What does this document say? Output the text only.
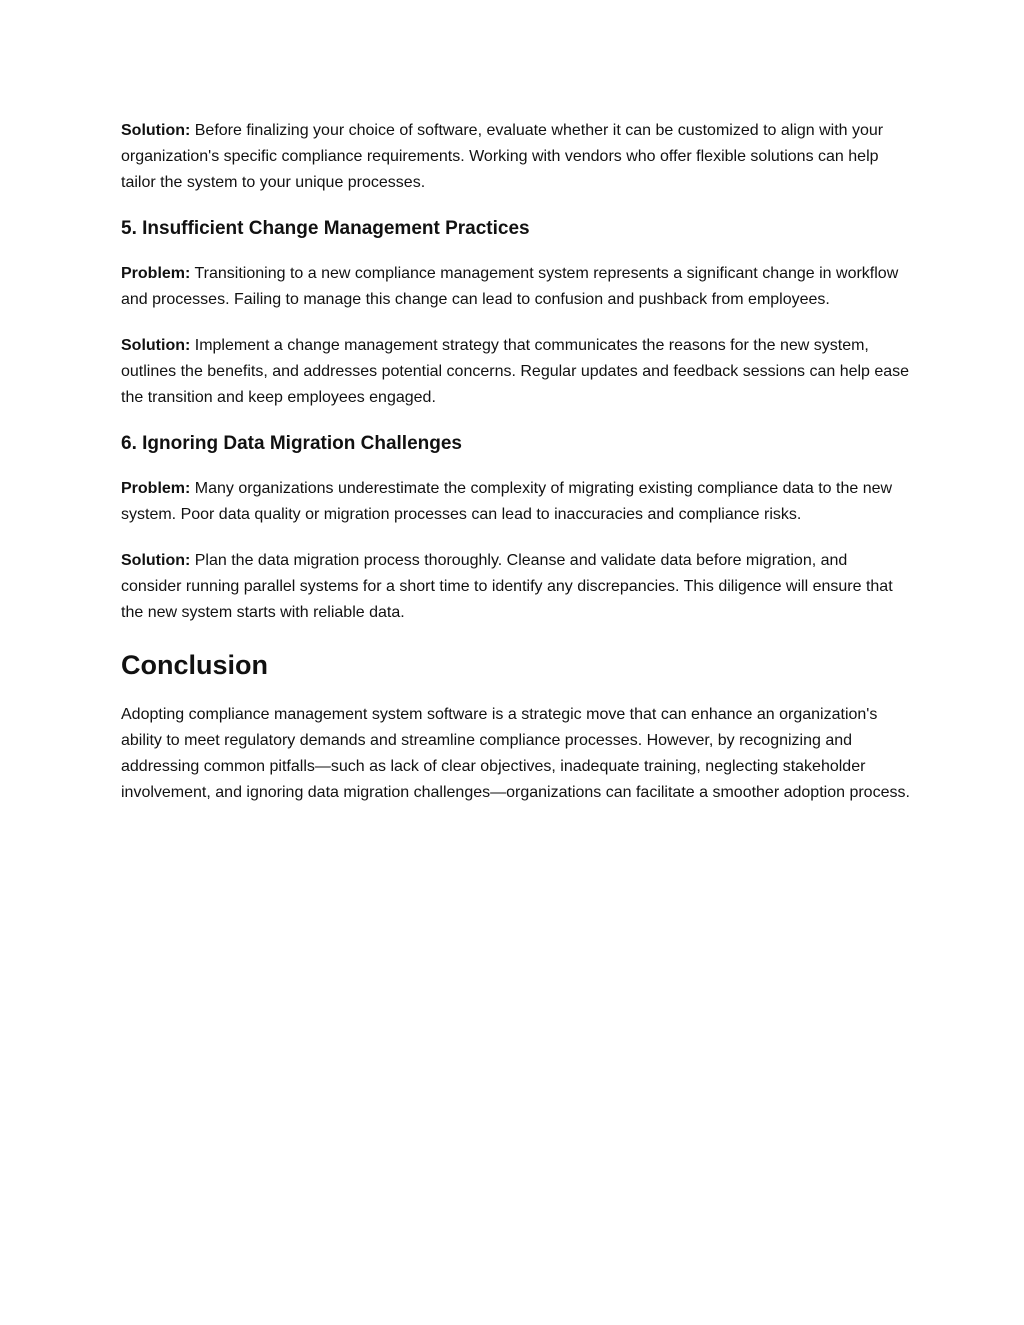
Solution: Before finalizing your choice of software, evaluate whether it can be customized to align with your organization's specific compliance requirements. Working with vendors who offer flexible solutions can help tailor the system to your unique processes.

5. Insufficient Change Management Practices

Problem: Transitioning to a new compliance management system represents a significant change in workflow and processes. Failing to manage this change can lead to confusion and pushback from employees.

Solution: Implement a change management strategy that communicates the reasons for the new system, outlines the benefits, and addresses potential concerns. Regular updates and feedback sessions can help ease the transition and keep employees engaged.

6. Ignoring Data Migration Challenges

Problem: Many organizations underestimate the complexity of migrating existing compliance data to the new system. Poor data quality or migration processes can lead to inaccuracies and compliance risks.

Solution: Plan the data migration process thoroughly. Cleanse and validate data before migration, and consider running parallel systems for a short time to identify any discrepancies. This diligence will ensure that the new system starts with reliable data.

Conclusion

Adopting compliance management system software is a strategic move that can enhance an organization's ability to meet regulatory demands and streamline compliance processes. However, by recognizing and addressing common pitfalls—such as lack of clear objectives, inadequate training, neglecting stakeholder involvement, and ignoring data migration challenges—organizations can facilitate a smoother adoption process.
